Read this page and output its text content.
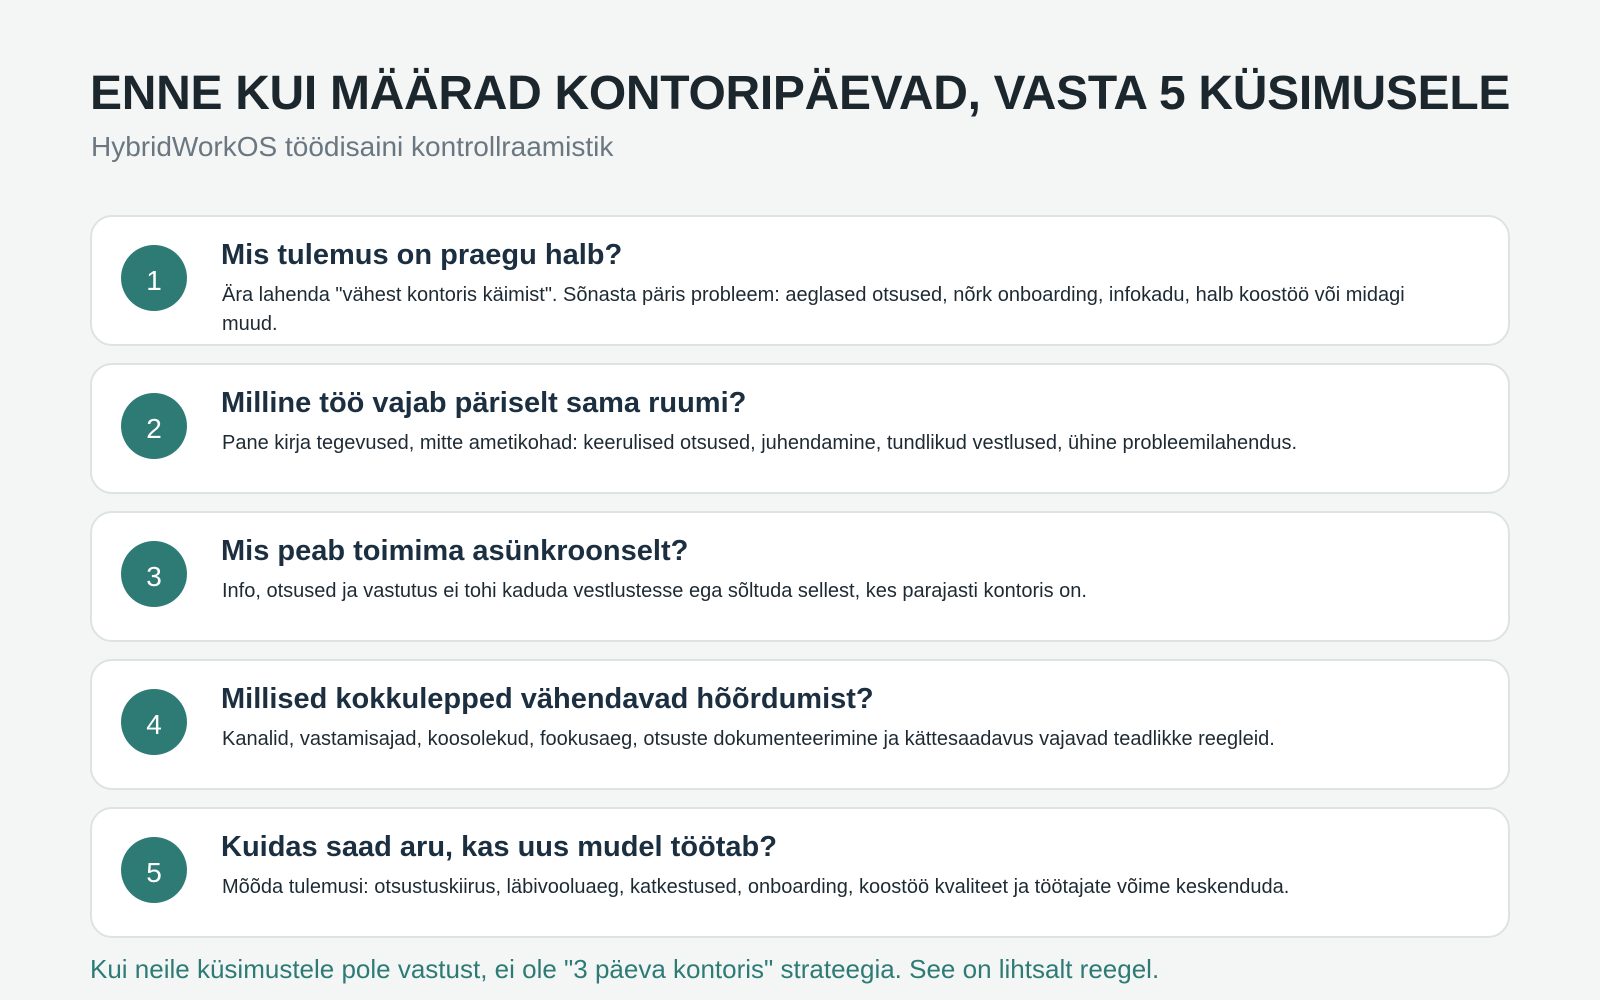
ENNE KUI MÄÄRAD KONTORIPÄEVAD, VASTA 5 KÜSIMUSELE
HybridWorkOS töödisaini kontrollraamistik
1
Mis tulemus on praegu halb?
Ära lahenda "vähest kontoris käimist". Sõnasta päris probleem: aeglased otsused, nõrk onboarding, infokadu, halb koostöö või midagi muud.
2
Milline töö vajab päriselt sama ruumi?
Pane kirja tegevused, mitte ametikohad: keerulised otsused, juhendamine, tundlikud vestlused, ühine probleemilahendus.
3
Mis peab toimima asünkroonselt?
Info, otsused ja vastutus ei tohi kaduda vestlustesse ega sõltuda sellest, kes parajasti kontoris on.
4
Millised kokkulepped vähendavad hõõrdumist?
Kanalid, vastamisajad, koosolekud, fookusaeg, otsuste dokumenteerimine ja kättesaadavus vajavad teadlikke reegleid.
5
Kuidas saad aru, kas uus mudel töötab?
Mõõda tulemusi: otsustuskiirus, läbivooluaeg, katkestused, onboarding, koostöö kvaliteet ja töötajate võime keskenduda.
Kui neile küsimustele pole vastust, ei ole "3 päeva kontoris" strateegia. See on lihtsalt reegel.
